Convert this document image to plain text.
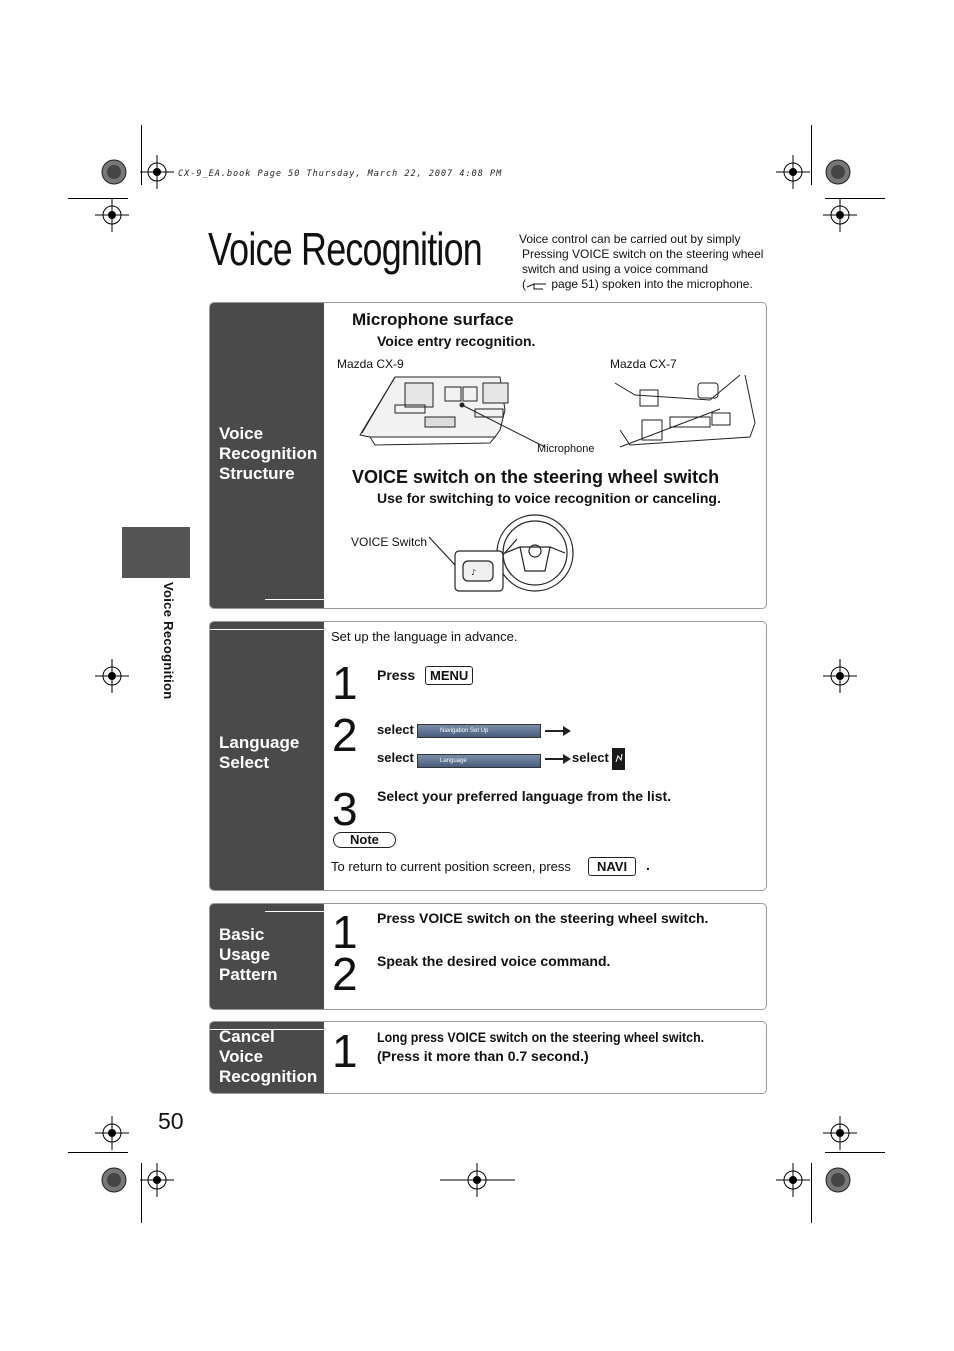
CX-9_EA.book Page 50 Thursday, March 22, 2007 4:08 PM
Voice Recognition	Voice control can be carried out by simply
Pressing VOICE switch on the steering wheel
switch and using a voice command
( page 51) spoken into the microphone.
Voice Recognition
50
Voice
Recognition
Structure
Microphone surface
Voice entry recognition.
Mazda CX-9	Mazda CX-7
Microphone
VOICE switch on the steering wheel switch
Use for switching to voice recognition or canceling.
VOICE Switch
♪
Language
Select
Set up the language in advance.
1 Press	MENU
2 select	Navigation Set Up
select	Language	select
3 Select your preferred language from the list.
Note
To return to current position screen, press	NAVI	.
Basic
Usage
Pattern
1 Press VOICE switch on the steering wheel switch.
2 Speak the desired voice command.
Cancel
Voice
Recognition 1 Long press VOICE switch on the steering wheel switch.
(Press it more than 0.7 second.)
